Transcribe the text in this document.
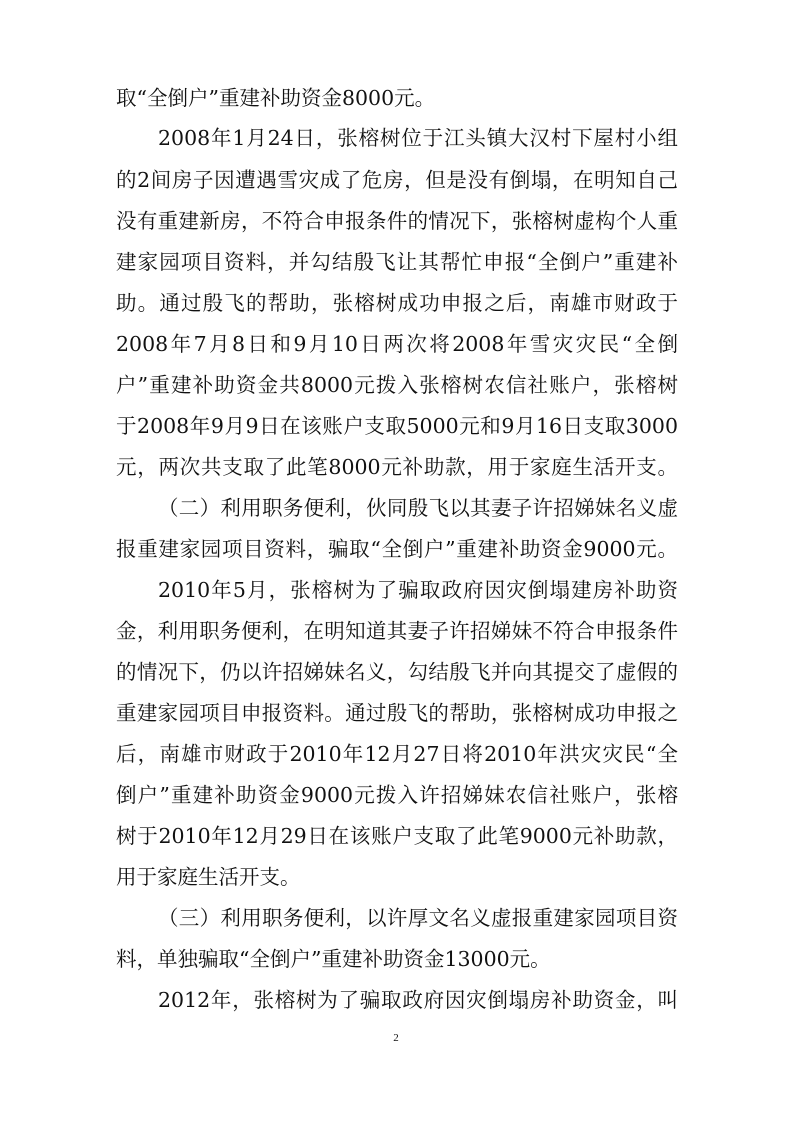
取“全倒户”重建补助资金8000元。
2008年1月24日，张榕树位于江头镇大汉村下屋村小组
的2间房子因遭遇雪灾成了危房，但是没有倒塌，在明知自己
没有重建新房，不符合申报条件的情况下，张榕树虚构个人重
建家园项目资料，并勾结殷飞让其帮忙申报“全倒户”重建补
助。通过殷飞的帮助，张榕树成功申报之后，南雄市财政于
2008年7月8日和9月10日两次将2008年雪灾灾民“全倒
户”重建补助资金共8000元拨入张榕树农信社账户，张榕树
于2008年9月9日在该账户支取5000元和9月16日支取3000
元，两次共支取了此笔8000元补助款，用于家庭生活开支。
（二）利用职务便利，伙同殷飞以其妻子许招娣妹名义虚
报重建家园项目资料，骗取“全倒户”重建补助资金9000元。
2010年5月，张榕树为了骗取政府因灾倒塌建房补助资
金，利用职务便利，在明知道其妻子许招娣妹不符合申报条件
的情况下，仍以许招娣妹名义，勾结殷飞并向其提交了虚假的
重建家园项目申报资料。通过殷飞的帮助，张榕树成功申报之
后，南雄市财政于2010年12月27日将2010年洪灾灾民“全
倒户”重建补助资金9000元拨入许招娣妹农信社账户，张榕
树于2010年12月29日在该账户支取了此笔9000元补助款，
用于家庭生活开支。
（三）利用职务便利，以许厚文名义虚报重建家园项目资
料，单独骗取“全倒户”重建补助资金13000元。
2012年，张榕树为了骗取政府因灾倒塌房补助资金，叫
2
